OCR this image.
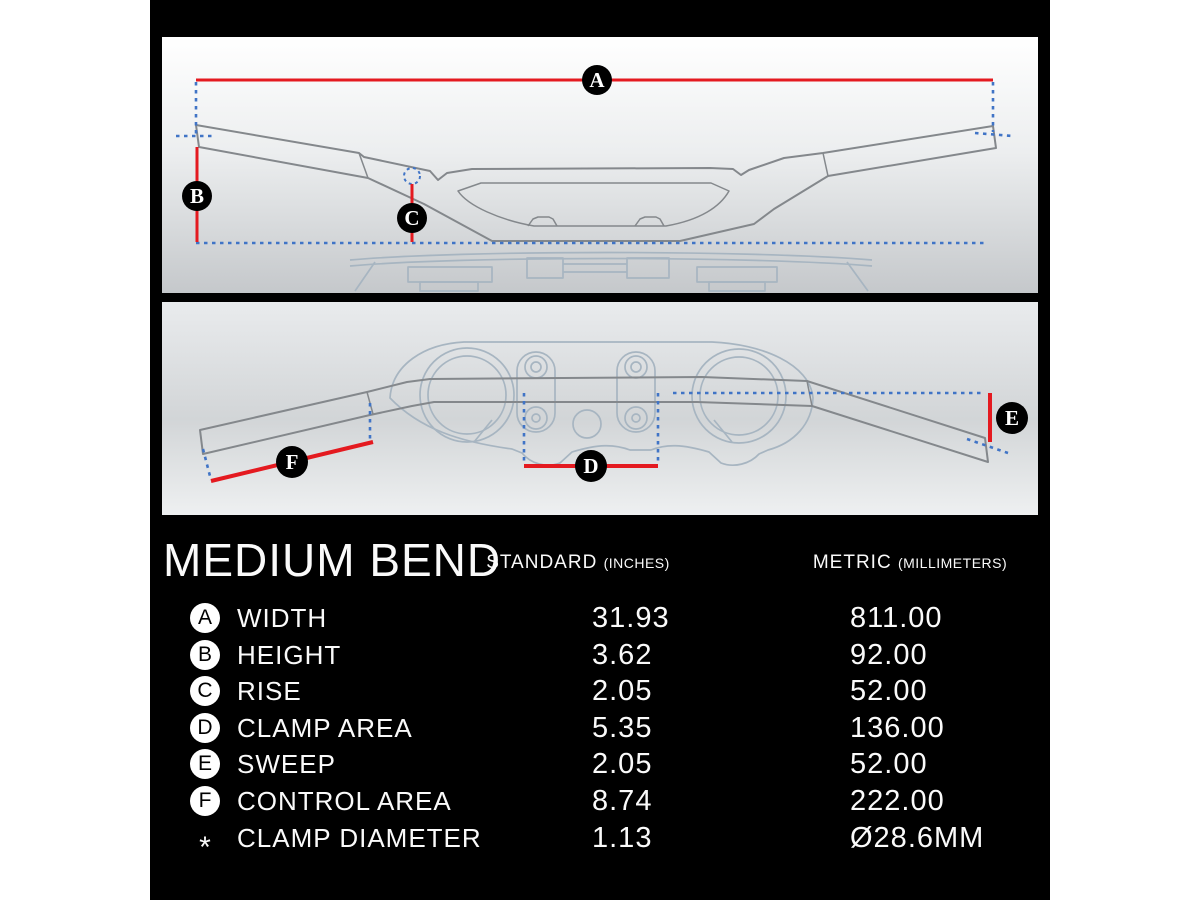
A
B
C
F	D
E
MEDIUM BEND
STANDARD (INCHES)	METRIC (MILLIMETERS)
A WIDTH	31.93	811.00
B HEIGHT	3.62	92.00
C RISE	2.05	52.00
D CLAMP AREA	5.35	136.00
E SWEEP	2.05	52.00
F CONTROL AREA	8.74	222.00
*	CLAMP DIAMETER	1.13	Ø28.6MM
